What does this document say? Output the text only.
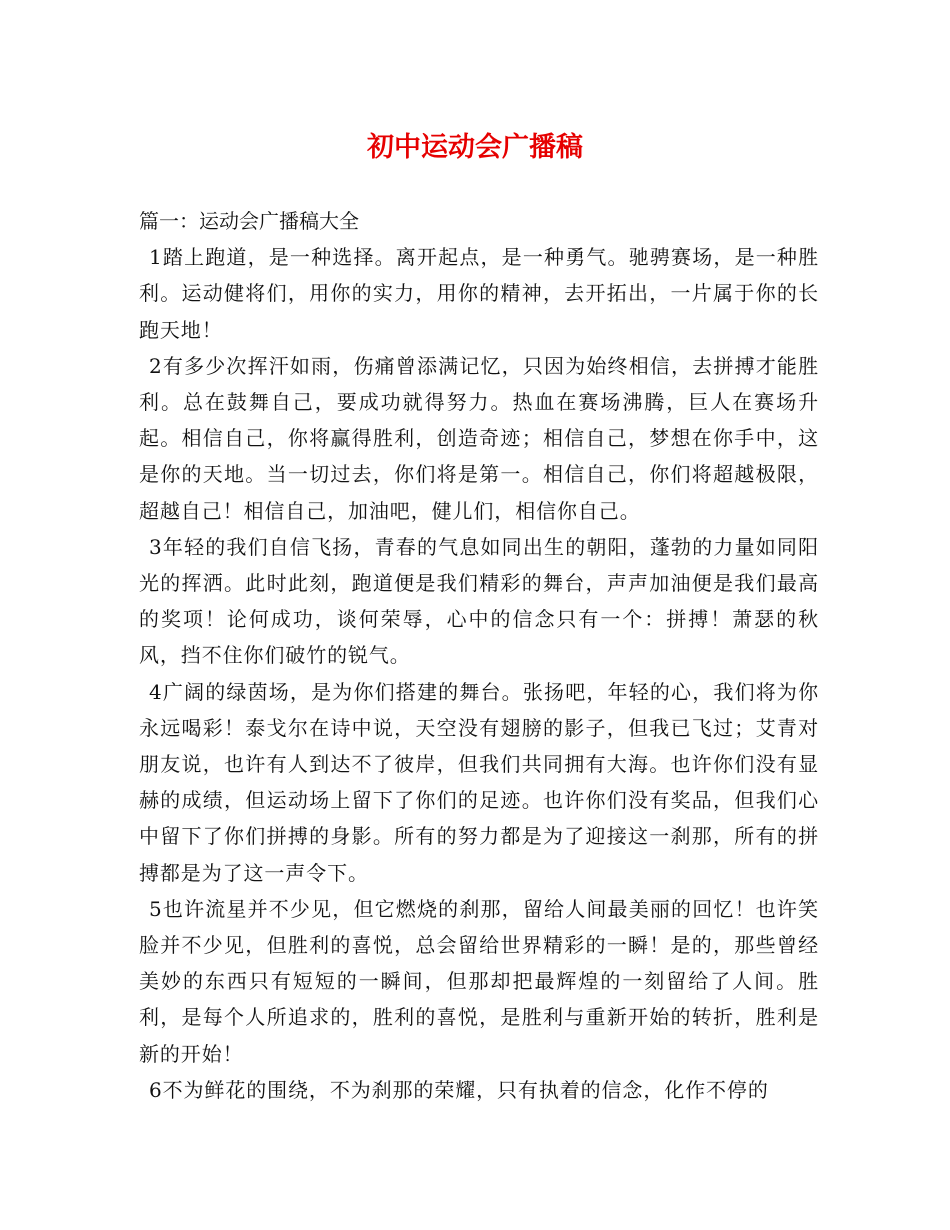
初中运动会广播稿

篇一：运动会广播稿大全

1踏上跑道，是一种选择。离开起点，是一种勇气。驰骋赛场，是一种胜利。运动健将们，用你的实力，用你的精神，去开拓出，一片属于你的长跑天地！

2有多少次挥汗如雨，伤痛曾添满记忆，只因为始终相信，去拼搏才能胜利。总在鼓舞自己，要成功就得努力。热血在赛场沸腾，巨人在赛场升起。相信自己，你将赢得胜利，创造奇迹；相信自己，梦想在你手中，这是你的天地。当一切过去，你们将是第一。相信自己，你们将超越极限，超越自己！相信自己，加油吧，健儿们，相信你自己。

3年轻的我们自信飞扬，青春的气息如同出生的朝阳，蓬勃的力量如同阳光的挥洒。此时此刻，跑道便是我们精彩的舞台，声声加油便是我们最高的奖项！论何成功，谈何荣辱，心中的信念只有一个：拼搏！萧瑟的秋风，挡不住你们破竹的锐气。

4广阔的绿茵场，是为你们搭建的舞台。张扬吧，年轻的心，我们将为你永远喝彩！泰戈尔在诗中说，天空没有翅膀的影子，但我已飞过；艾青对朋友说，也许有人到达不了彼岸，但我们共同拥有大海。也许你们没有显赫的成绩，但运动场上留下了你们的足迹。也许你们没有奖品，但我们心中留下了你们拼搏的身影。所有的努力都是为了迎接这一刹那，所有的拼搏都是为了这一声令下。

5也许流星并不少见，但它燃烧的刹那，留给人间最美丽的回忆！也许笑脸并不少见，但胜利的喜悦，总会留给世界精彩的一瞬！是的，那些曾经美妙的东西只有短短的一瞬间，但那却把最辉煌的一刻留给了人间。胜利，是每个人所追求的，胜利的喜悦，是胜利与重新开始的转折，胜利是新的开始！

6不为鲜花的围绕，不为刹那的荣耀，只有执着的信念，化作不停的
